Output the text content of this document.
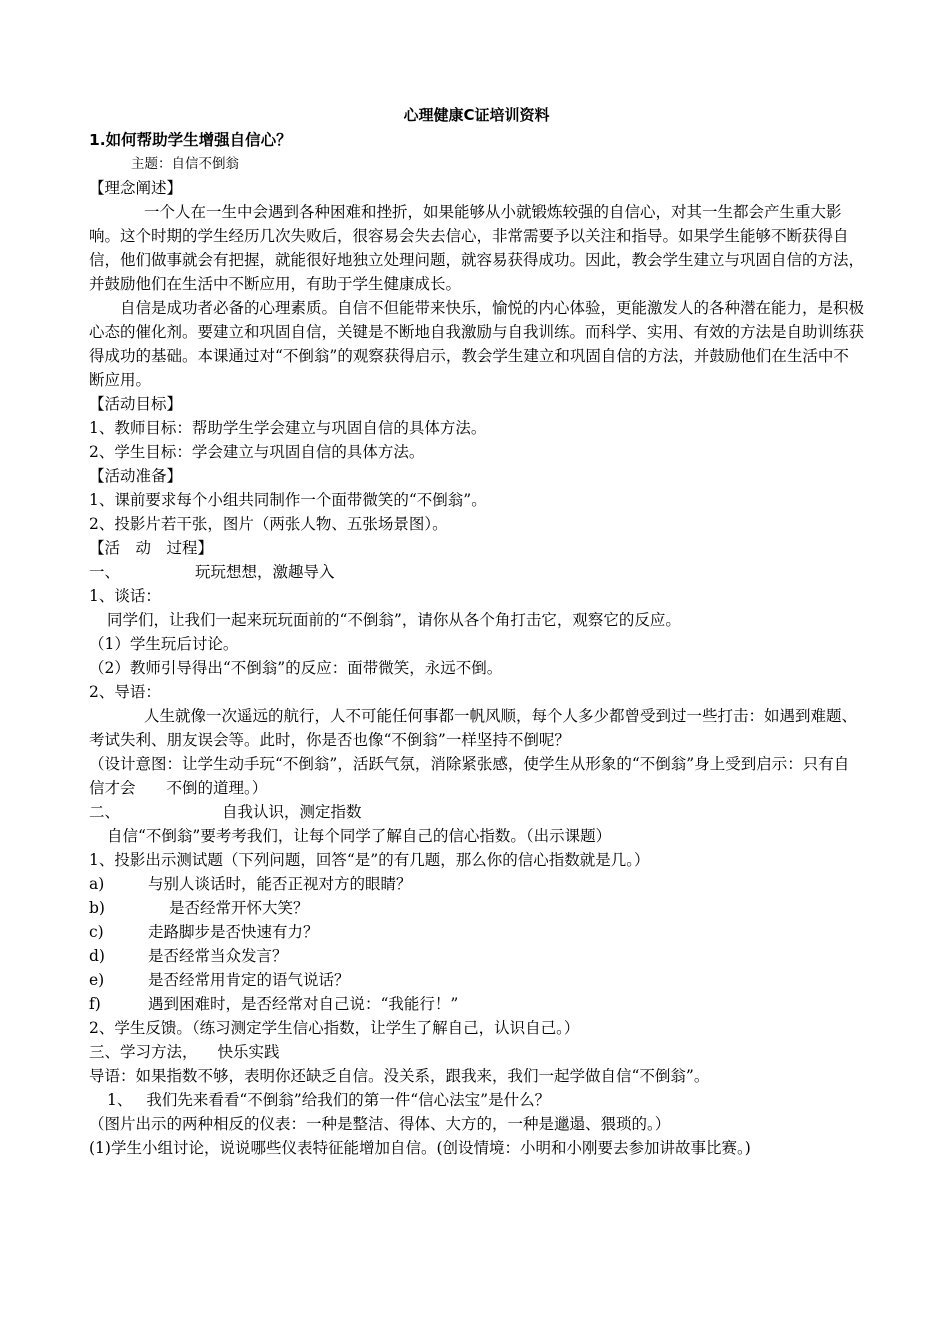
心理健康C证培训资料
1.如何帮助学生增强自信心？
主题：自信不倒翁
【理念阐述】

一个人在一生中会遇到各种困难和挫折，如果能够从小就锻炼较强的自信心，对其一生都会产生重大影响。这个时期的学生经历几次失败后，很容易会失去信心，非常需要予以关注和指导。如果学生能够不断获得自信，他们做事就会有把握，就能很好地独立处理问题，就容易获得成功。因此，教会学生建立与巩固自信的方法，并鼓励他们在生活中不断应用，有助于学生健康成长。

自信是成功者必备的心理素质。自信不但能带来快乐，愉悦的内心体验，更能激发人的各种潜在能力，是积极心态的催化剂。要建立和巩固自信，关键是不断地自我激励与自我训练。而科学、实用、有效的方法是自助训练获得成功的基础。本课通过对“不倒翁”的观察获得启示，教会学生建立和巩固自信的方法，并鼓励他们在生活中不断应用。

【活动目标】
1、教师目标：帮助学生学会建立与巩固自信的具体方法。
2、学生目标：学会建立与巩固自信的具体方法。
【活动准备】
1、课前要求每个小组共同制作一个面带微笑的“不倒翁”。
2、投影片若干张，图片（两张人物、五张场景图）。
【活　动　过程】
一、	玩玩想想，激趣导入
1、谈话：
同学们，让我们一起来玩玩面前的“不倒翁”，请你从各个角打击它，观察它的反应。
（1）学生玩后讨论。
（2）教师引导得出“不倒翁”的反应：面带微笑，永远不倒。
2、导语：

人生就像一次遥远的航行，人不可能任何事都一帆风顺，每个人多少都曾受到过一些打击：如遇到难题、考试失利、朋友误会等。此时，你是否也像“不倒翁”一样坚持不倒呢？

（设计意图：让学生动手玩“不倒翁”，活跃气氛，消除紧张感，使学生从形象的“不倒翁”身上受到启示：只有自信才会 不倒的道理。）

二、	自我认识，测定指数
自信“不倒翁”要考考我们，让每个同学了解自己的信心指数。（出示课题）
1、投影出示测试题（下列问题，回答“是”的有几题，那么你的信心指数就是几。）
a)	与别人谈话时，能否正视对方的眼睛？
b)	是否经常开怀大笑？
c)	走路脚步是否快速有力？
d)	是否经常当众发言？
e)	是否经常用肯定的语气说话？
f)	遇到困难时，是否经常对自己说：“我能行！”
2、学生反馈。（练习测定学生信心指数，让学生了解自己，认识自己。）
三、学习方法， 快乐实践
导语：如果指数不够，表明你还缺乏自信。没关系，跟我来，我们一起学做自信“不倒翁”。
1、 我们先来看看“不倒翁”给我们的第一件“信心法宝”是什么？
（图片出示的两种相反的仪表：一种是整洁、得体、大方的，一种是邋遢、猥琐的。）

(1)学生小组讨论，说说哪些仪表特征能增加自信。(创设情境：小明和小刚要去参加讲故事比赛。)
